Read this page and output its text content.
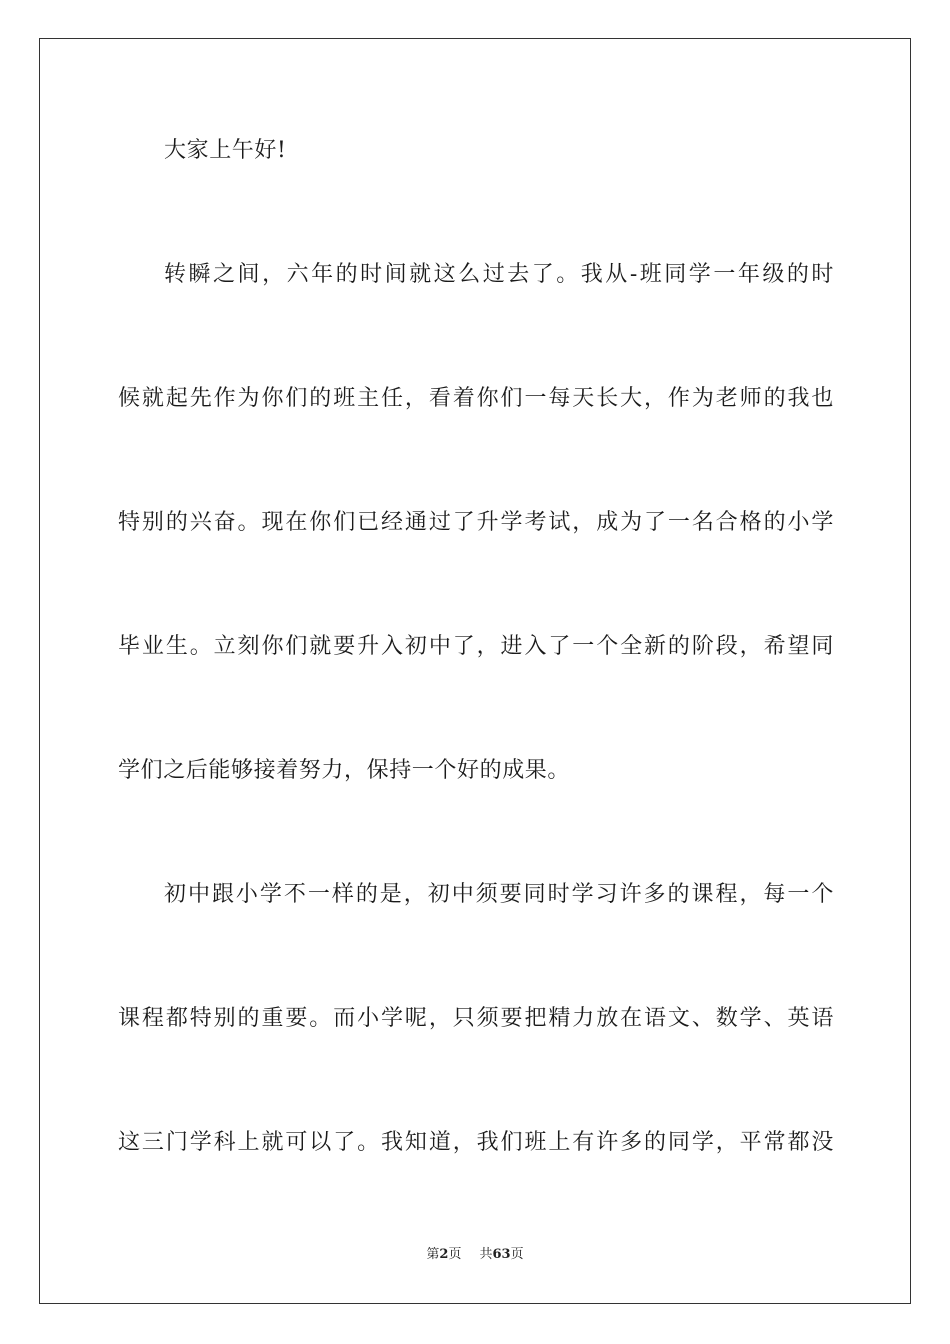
大家上午好!
转瞬之间，六年的时间就这么过去了。我从-班同学一年级的时
候就起先作为你们的班主任，看着你们一每天长大，作为老师的我也
特别的兴奋。现在你们已经通过了升学考试，成为了一名合格的小学
毕业生。立刻你们就要升入初中了，进入了一个全新的阶段，希望同
学们之后能够接着努力，保持一个好的成果。
初中跟小学不一样的是，初中须要同时学习许多的课程，每一个
课程都特别的重要。而小学呢，只须要把精力放在语文、数学、英语
这三门学科上就可以了。我知道，我们班上有许多的同学，平常都没
第2页 共63页
